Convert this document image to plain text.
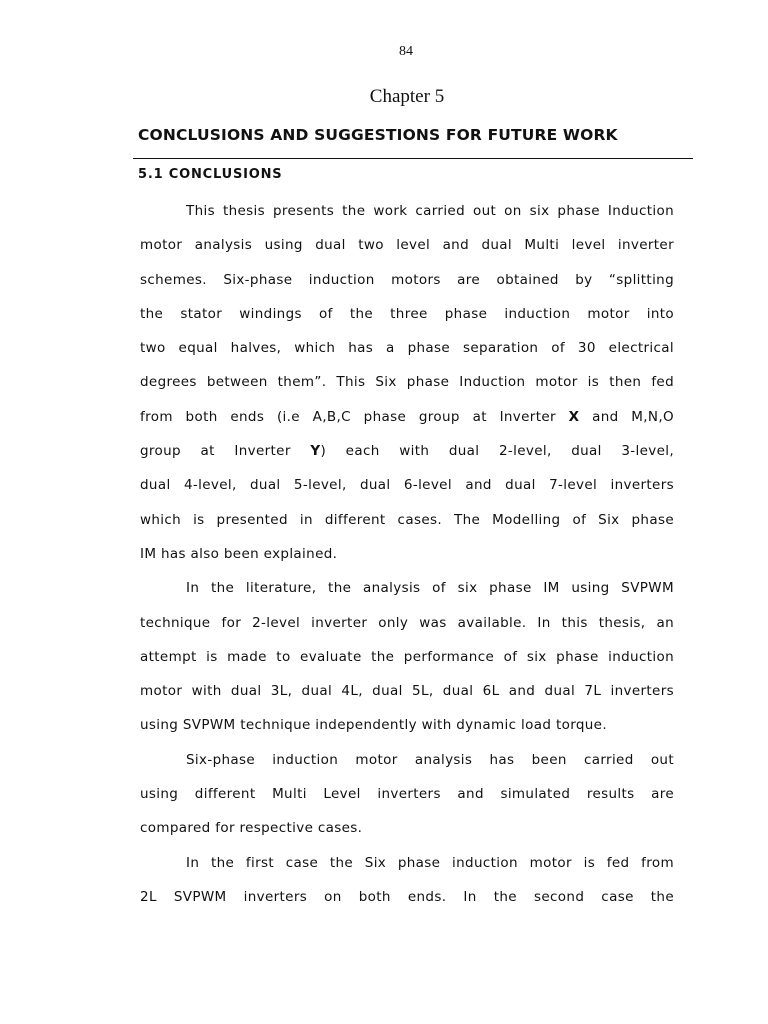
84
Chapter 5
CONCLUSIONS AND SUGGESTIONS FOR FUTURE WORK
5.1 CONCLUSIONS
This thesis presents the work carried out on six phase Induction
motor analysis using dual two level and dual Multi level inverter
schemes. Six-phase induction motors are obtained by “splitting
the stator windings of the three phase induction motor into
two equal halves, which has a phase separation of 30 electrical
degrees between them”. This Six phase Induction motor is then fed
from both ends (i.e A,B,C phase group at Inverter X and M,N,O
group at Inverter Y) each with dual 2-level, dual 3-level,
dual 4-level, dual 5-level, dual 6-level and dual 7-level inverters
which is presented in different cases. The Modelling of Six phase
IM has also been explained.
In the literature, the analysis of six phase IM using SVPWM
technique for 2-level inverter only was available. In this thesis, an
attempt is made to evaluate the performance of six phase induction
motor with dual 3L, dual 4L, dual 5L, dual 6L and dual 7L inverters
using SVPWM technique independently with dynamic load torque.
Six-phase induction motor analysis has been carried out
using different Multi Level inverters and simulated results are
compared for respective cases.
In the first case the Six phase induction motor is fed from
2L SVPWM inverters on both ends. In the second case the
